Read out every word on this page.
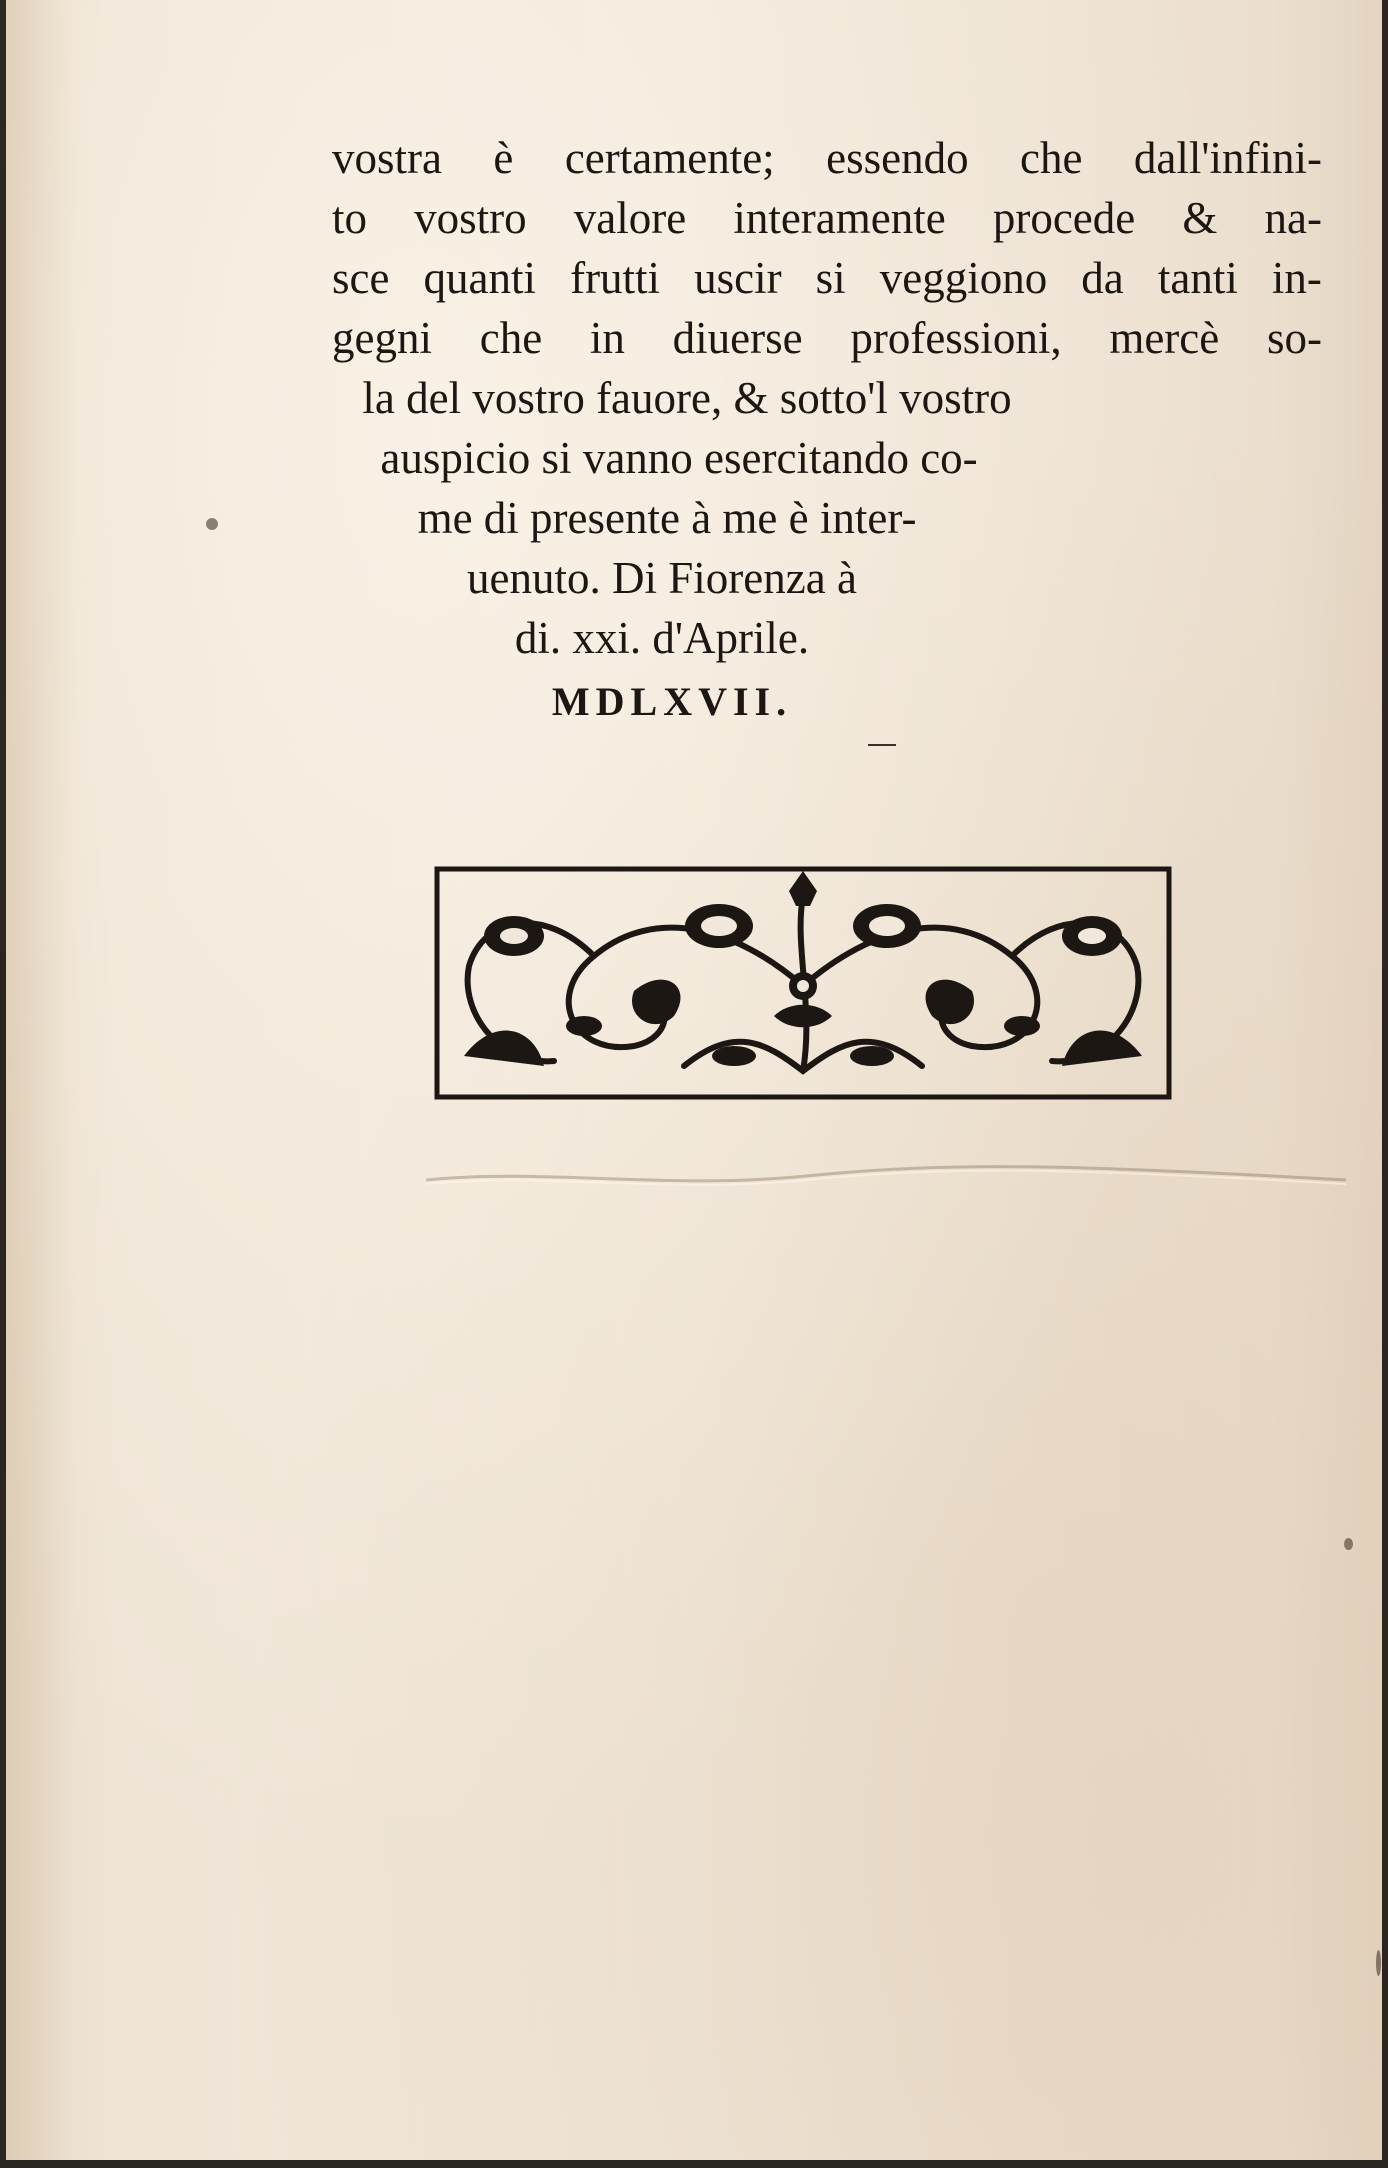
vostra è certamente; essendo che dall'infini-
to vostro valore interamente procede & na-
sce quanti frutti uscir si veggiono da tanti in-
gegni che in diuerse professioni, mercè so-
la del vostro fauore, & sotto'l vostro
auspicio si vanno esercitando co-
me di presente à me è inter-
uenuto. Di Fiorenza à
di. xxi. d'Aprile.
MDLXVII.
